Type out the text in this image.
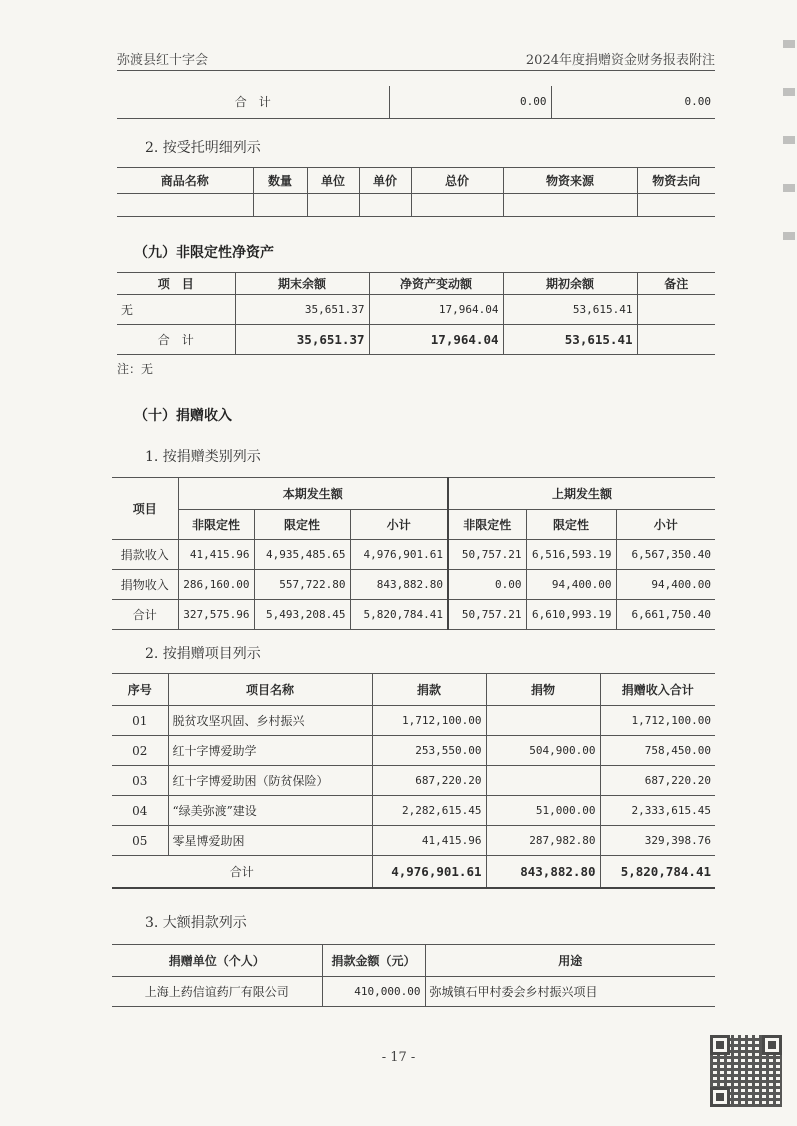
弥渡县红十字会	2024年度捐赠资金财务报表附注
合　计	0.00	0.00
2. 按受托明细列示
商品名称	数量	单位	单价	总价	物资来源	物资去向

（九）非限定性净资产
项　目	期末余额	净资产变动额	期初余额	备注
无	35,651.37	17,964.04	53,615.41	
合　计	35,651.37	17,964.04	53,615.41	
注：无
（十）捐赠收入
1. 按捐赠类别列示
项目	本期发生额			上期发生额		
	非限定性	限定性	小计	非限定性	限定性	小计
捐款收入	41,415.96	4,935,485.65	4,976,901.61	50,757.21	6,516,593.19	6,567,350.40
捐物收入	286,160.00	557,722.80	843,882.80	0.00	94,400.00	94,400.00
合计	327,575.96	5,493,208.45	5,820,784.41	50,757.21	6,610,993.19	6,661,750.40
2. 按捐赠项目列示
序号	项目名称	捐款	捐物	捐赠收入合计
01	脱贫攻坚巩固、乡村振兴	1,712,100.00		1,712,100.00
02	红十字博爱助学	253,550.00	504,900.00	758,450.00
03	红十字博爱助困（防贫保险）	687,220.20		687,220.20
04	“绿美弥渡”建设	2,282,615.45	51,000.00	2,333,615.45
05	零星博爱助困	41,415.96	287,982.80	329,398.76
合计		4,976,901.61	843,882.80	5,820,784.41
3. 大额捐款列示
捐赠单位（个人）	捐款金额（元）	用途
上海上药信谊药厂有限公司	410,000.00	弥城镇石甲村委会乡村振兴项目
- 17 -
